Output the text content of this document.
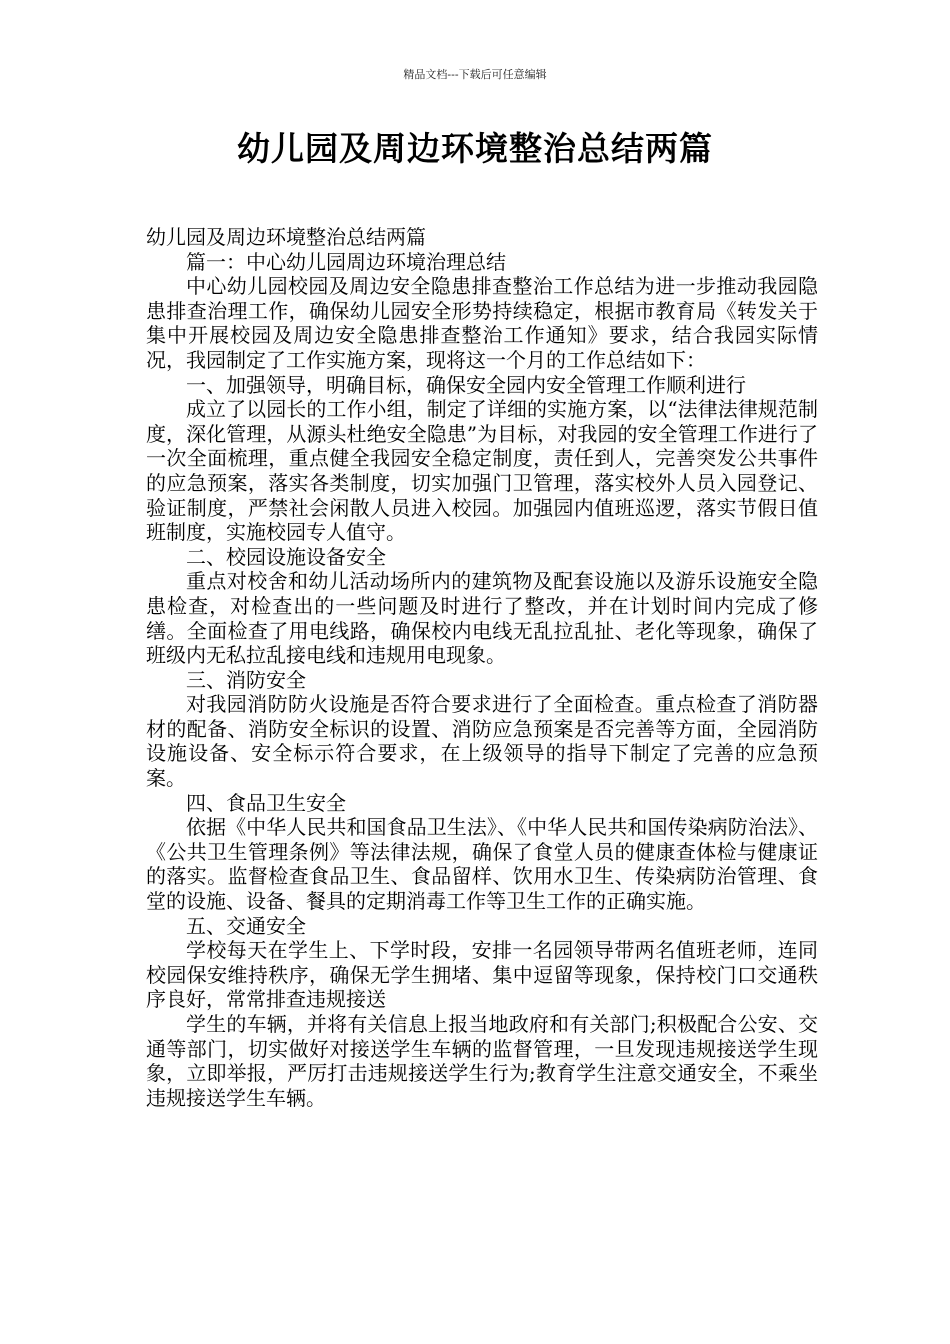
精品文档---下载后可任意编辑
幼儿园及周边环境整治总结两篇

幼儿园及周边环境整治总结两篇

篇一：中心幼儿园周边环境治理总结

中心幼儿园校园及周边安全隐患排查整治工作总结为进一步推动我园隐患排查治理工作，确保幼儿园安全形势持续稳定，根据市教育局《转发关于集中开展校园及周边安全隐患排查整治工作通知》要求，结合我园实际情况，我园制定了工作实施方案，现将这一个月的工作总结如下：

一、加强领导，明确目标，确保安全园内安全管理工作顺利进行

成立了以园长的工作小组，制定了详细的实施方案，以“法律法律规范制度，深化管理，从源头杜绝安全隐患”为目标，对我园的安全管理工作进行了一次全面梳理，重点健全我园安全稳定制度，责任到人，完善突发公共事件的应急预案，落实各类制度，切实加强门卫管理，落实校外人员入园登记、验证制度，严禁社会闲散人员进入校园。加强园内值班巡逻，落实节假日值班制度，实施校园专人值守。

二、校园设施设备安全

重点对校舍和幼儿活动场所内的建筑物及配套设施以及游乐设施安全隐患检查，对检查出的一些问题及时进行了整改，并在计划时间内完成了修缮。全面检查了用电线路，确保校内电线无乱拉乱扯、老化等现象，确保了班级内无私拉乱接电线和违规用电现象。

三、消防安全

对我园消防防火设施是否符合要求进行了全面检查。重点检查了消防器材的配备、消防安全标识的设置、消防应急预案是否完善等方面，全园消防设施设备、安全标示符合要求，在上级领导的指导下制定了完善的应急预案。

四、食品卫生安全

依据《中华人民共和国食品卫生法》、《中华人民共和国传染病防治法》、《公共卫生管理条例》等法律法规，确保了食堂人员的健康查体检与健康证的落实。监督检查食品卫生、食品留样、饮用水卫生、传染病防治管理、食堂的设施、设备、餐具的定期消毒工作等卫生工作的正确实施。

五、交通安全

学校每天在学生上、下学时段，安排一名园领导带两名值班老师，连同校园保安维持秩序，确保无学生拥堵、集中逗留等现象，保持校门口交通秩序良好，常常排查违规接送

学生的车辆，并将有关信息上报当地政府和有关部门;积极配合公安、交通等部门，切实做好对接送学生车辆的监督管理，一旦发现违规接送学生现象，立即举报，严厉打击违规接送学生行为;教育学生注意交通安全，不乘坐违规接送学生车辆。
